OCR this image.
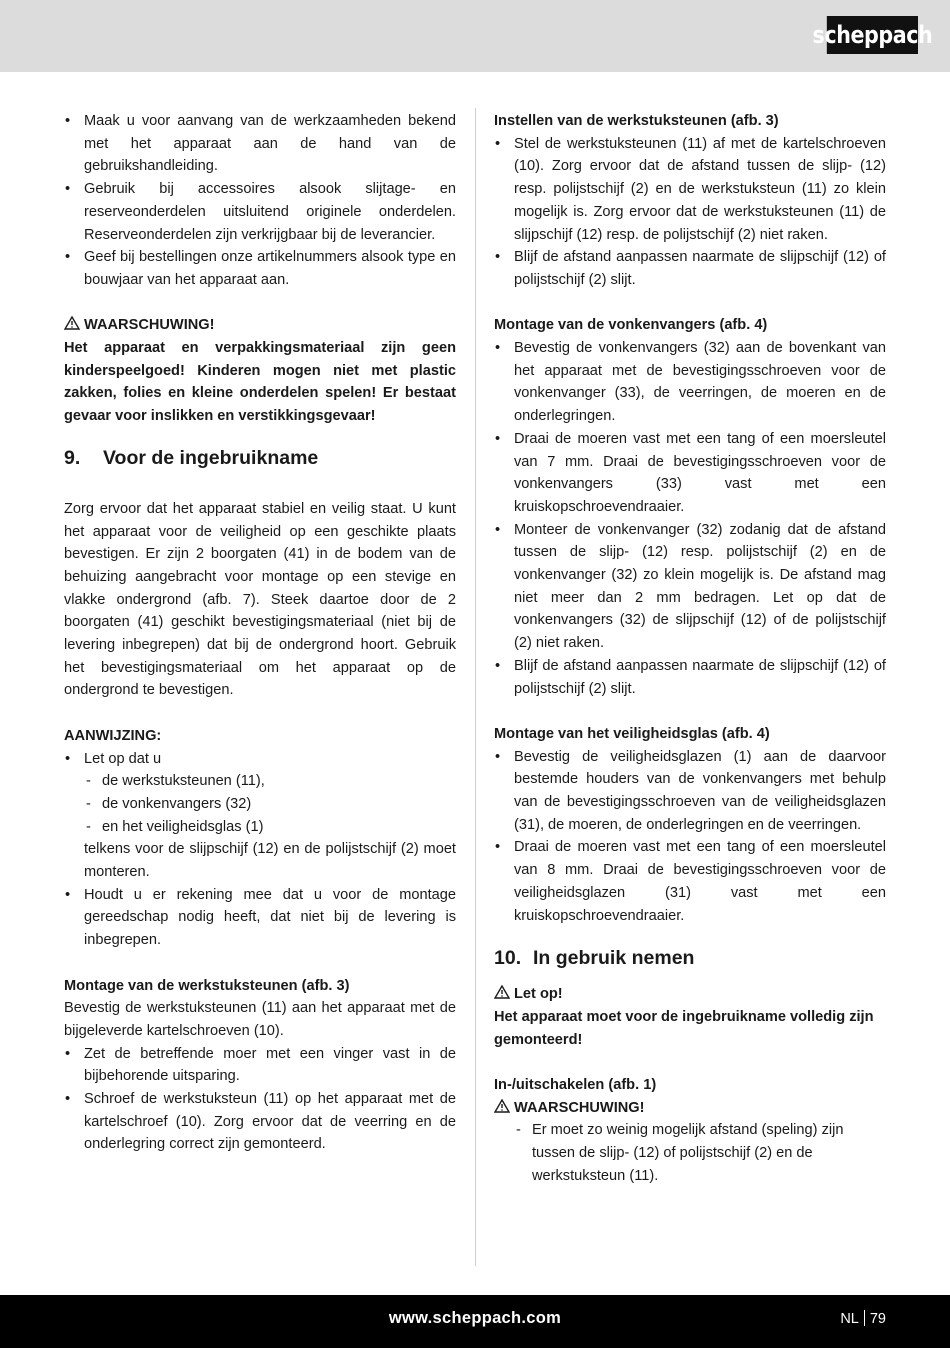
scheppach
• Maak u voor aanvang van de werkzaamheden bekend met het apparaat aan de hand van de gebruikshandleiding.
• Gebruik bij accessoires alsook slijtage- en reserveonderdelen uitsluitend originele onderdelen. Reserveonderdelen zijn verkrijgbaar bij de leverancier.
• Geef bij bestellingen onze artikelnummers alsook type en bouwjaar van het apparaat aan.
WAARSCHUWING!

Het apparaat en verpakkingsmateriaal zijn geen kinderspeelgoed! Kinderen mogen niet met plastic zakken, folies en kleine onderdelen spelen! Er bestaat gevaar voor inslikken en verstikkingsgevaar!

9.	Voor de ingebruikname

Zorg ervoor dat het apparaat stabiel en veilig staat. U kunt het apparaat voor de veiligheid op een geschikte plaats bevestigen. Er zijn 2 boorgaten (41) in de bodem van de behuizing aangebracht voor montage op een stevige en vlakke ondergrond (afb. 7). Steek daartoe door de 2 boorgaten (41) geschikt bevestigingsmateriaal (niet bij de levering inbegrepen) dat bij de ondergrond hoort. Gebruik het bevestigingsmateriaal om het apparaat op de ondergrond te bevestigen.

AANWIJZING:
• Let op dat u
- de werkstuksteunen (11),
- de vonkenvangers (32)
- en het veiligheidsglas (1)

telkens voor de slijpschijf (12) en de polijstschijf (2) moet monteren.

• Houdt u er rekening mee dat u voor de montage gereedschap nodig heeft, dat niet bij de levering is inbegrepen.
Montage van de werkstuksteunen (afb. 3)

Bevestig de werkstuksteunen (11) aan het apparaat met de bijgeleverde kartelschroeven (10).

• Zet de betreffende moer met een vinger vast in de bijbehorende uitsparing.
• Schroef de werkstuksteun (11) op het apparaat met de kartelschroef (10). Zorg ervoor dat de veerring en de onderlegring correct zijn gemonteerd.
Instellen van de werkstuksteunen (afb. 3)
• Stel de werkstuksteunen (11) af met de kartelschroeven (10). Zorg ervoor dat de afstand tussen de slijp- (12) resp. polijstschijf (2) en de werkstuksteun (11) zo klein mogelijk is. Zorg ervoor dat de werkstuksteunen (11) de slijpschijf (12) resp. de polijstschijf (2) niet raken.
• Blijf de afstand aanpassen naarmate de slijpschijf (12) of polijstschijf (2) slijt.
Montage van de vonkenvangers (afb. 4)
• Bevestig de vonkenvangers (32) aan de bovenkant van het apparaat met de bevestigingsschroeven voor de vonkenvanger (33), de veerringen, de moeren en de onderlegringen.
• Draai de moeren vast met een tang of een moersleutel van 7 mm. Draai de bevestigingsschroeven voor de vonkenvangers (33) vast met een kruiskopschroevendraaier.
• Monteer de vonkenvanger (32) zodanig dat de afstand tussen de slijp- (12) resp. polijstschijf (2) en de vonkenvanger (32) zo klein mogelijk is. De afstand mag niet meer dan 2 mm bedragen. Let op dat de vonkenvangers (32) de slijpschijf (12) of de polijstschijf (2) niet raken.
• Blijf de afstand aanpassen naarmate de slijpschijf (12) of polijstschijf (2) slijt.
Montage van het veiligheidsglas (afb. 4)
• Bevestig de veiligheidsglazen (1) aan de daarvoor bestemde houders van de vonkenvangers met behulp van de bevestigingsschroeven van de veiligheidsglazen (31), de moeren, de onderlegringen en de veerringen.
• Draai de moeren vast met een tang of een moersleutel van 8 mm. Draai de bevestigingsschroeven voor de veiligheidsglazen (31) vast met een kruiskopschroevendraaier.
10. In gebruik nemen
Let op!

Het apparaat moet voor de ingebruikname volledig zijn gemonteerd!

In-/uitschakelen (afb. 1)
WAARSCHUWING!
- Er moet zo weinig mogelijk afstand (speling) zijn tussen de slijp- (12) of polijstschijf (2) en de werkstuksteun (11).
www.scheppach.com	NL 79
